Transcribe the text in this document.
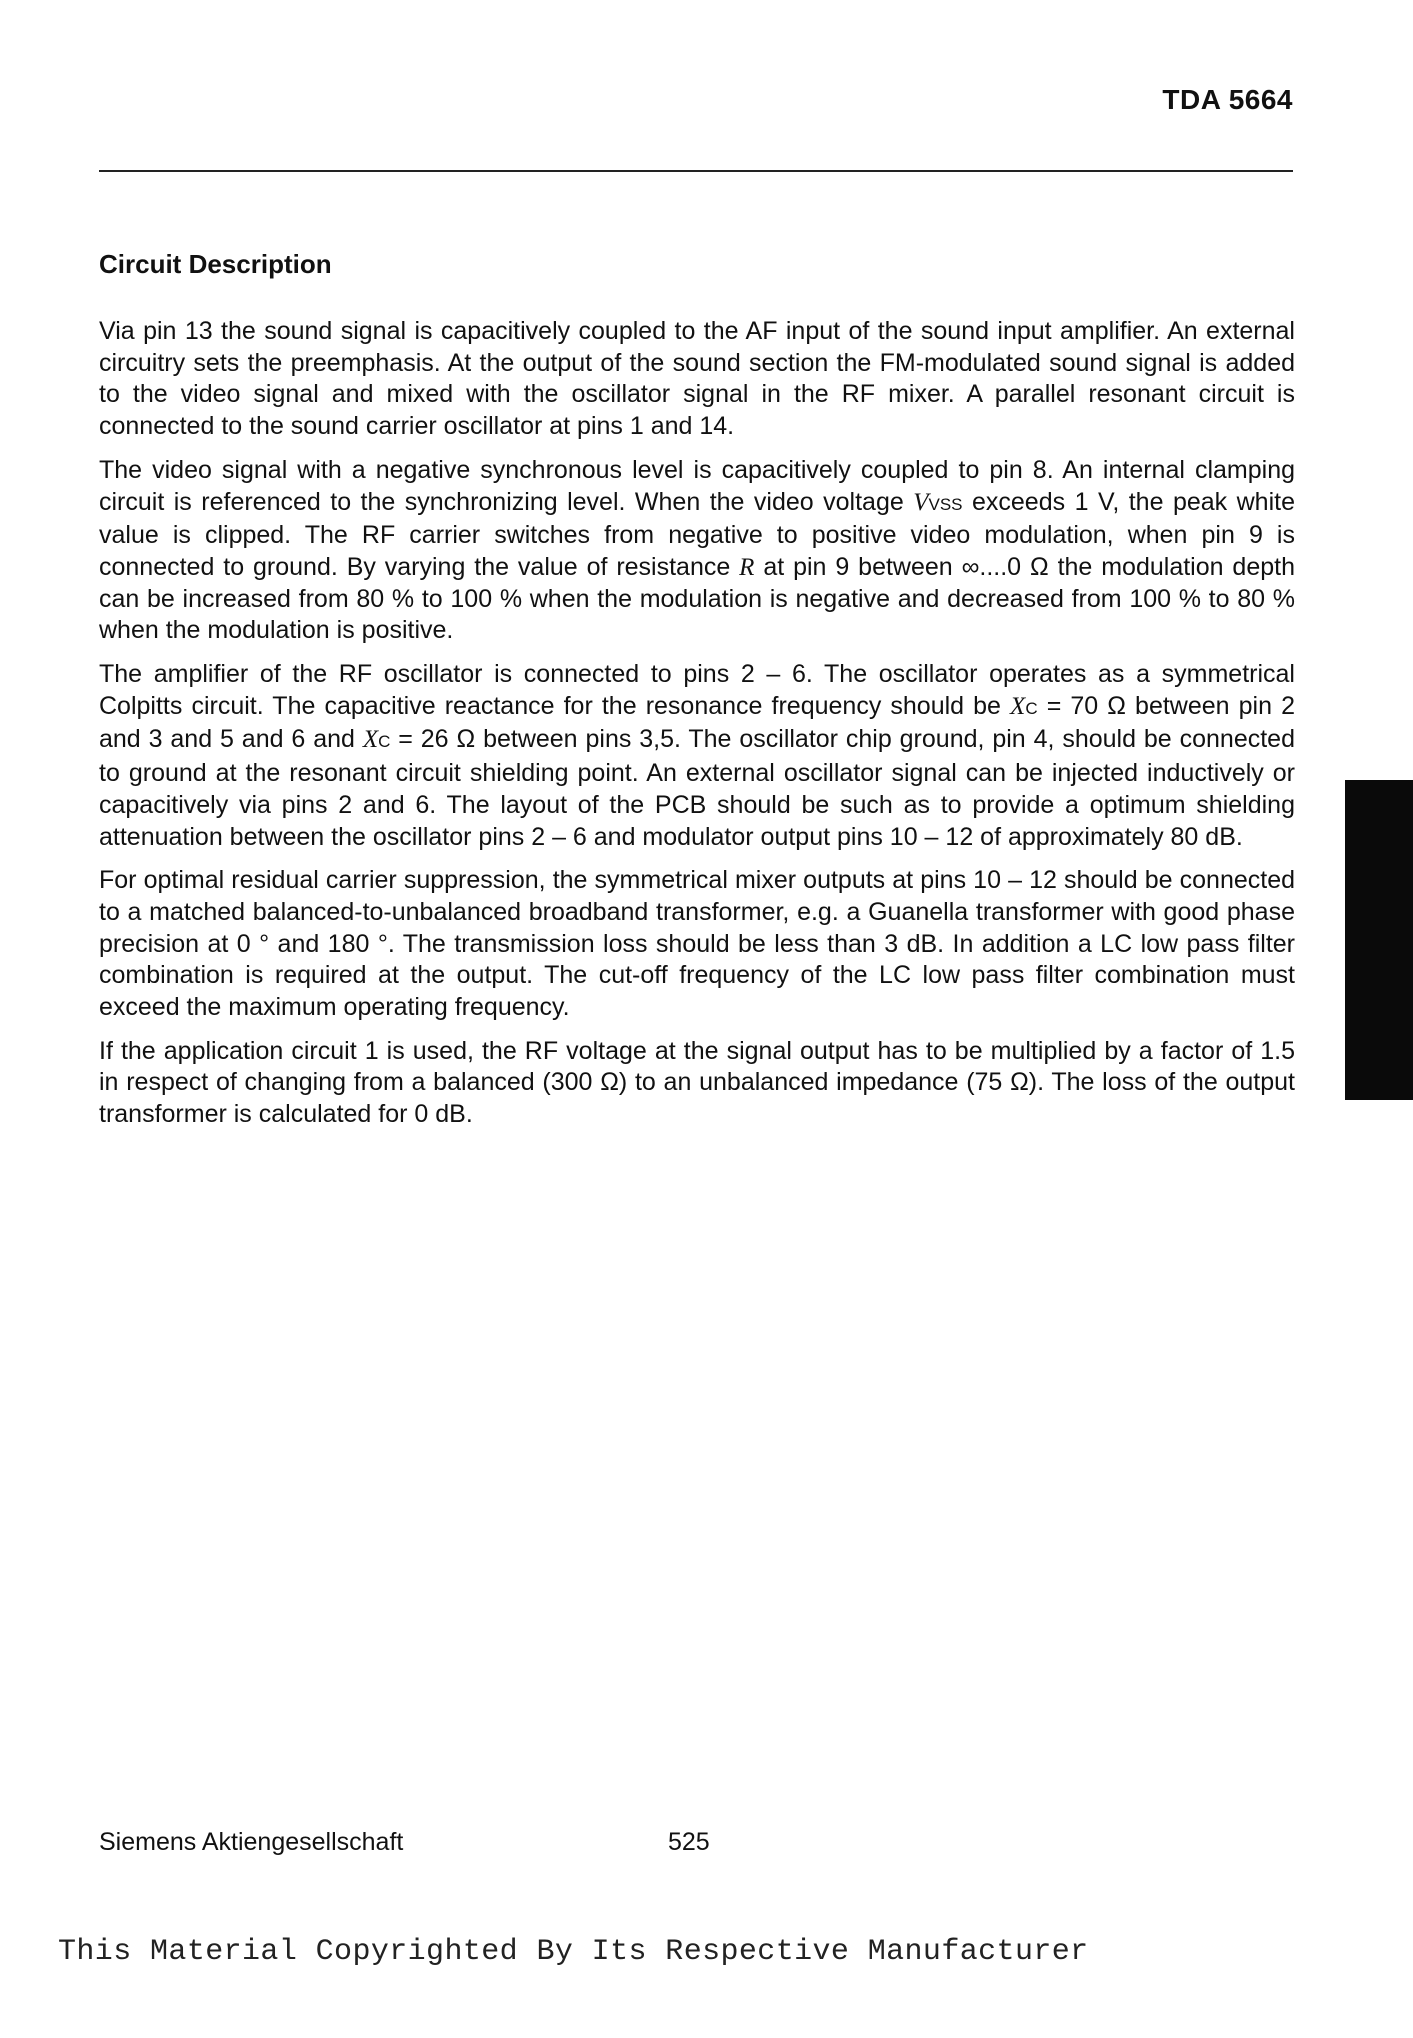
TDA 5664
Circuit Description

Via pin 13 the sound signal is capacitively coupled to the AF input of the sound input amplifier. An external circuitry sets the preemphasis. At the output of the sound section the FM-modulated sound signal is added to the video signal and mixed with the oscillator signal in the RF mixer. A parallel resonant circuit is connected to the sound carrier oscillator at pins 1 and 14.

The video signal with a negative synchronous level is capacitively coupled to pin 8. An internal clamping circuit is referenced to the synchronizing level. When the video voltage VVSS exceeds 1 V, the peak white value is clipped. The RF carrier switches from negative to positive video modulation, when pin 9 is connected to ground. By varying the value of resistance R at pin 9 between ∞....0 Ω the modulation depth can be increased from 80 % to 100 % when the modulation is negative and decreased from 100 % to 80 % when the modulation is positive.

The amplifier of the RF oscillator is connected to pins 2 – 6. The oscillator operates as a symmetrical Colpitts circuit. The capacitive reactance for the resonance frequency should be XC = 70 Ω between pin 2 and 3 and 5 and 6 and XC = 26 Ω between pins 3,5. The oscillator chip ground, pin 4, should be connected to ground at the resonant circuit shielding point. An external oscillator signal can be injected inductively or capacitively via pins 2 and 6. The layout of the PCB should be such as to provide a optimum shielding attenuation between the oscillator pins 2 – 6 and modulator output pins 10 – 12 of approximately 80 dB.

For optimal residual carrier suppression, the symmetrical mixer outputs at pins 10 – 12 should be connected to a matched balanced-to-unbalanced broadband transformer, e.g. a Guanella transformer with good phase precision at 0 ° and 180 °. The transmission loss should be less than 3 dB. In addition a LC low pass filter combination is required at the output. The cut-off frequency of the LC low pass filter combination must exceed the maximum operating frequency.

If the application circuit 1 is used, the RF voltage at the signal output has to be multiplied by a factor of 1.5 in respect of changing from a balanced (300 Ω) to an unbalanced impedance (75 Ω). The loss of the output transformer is calculated for 0 dB.

Siemens Aktiengesellschaft	525
This Material Copyrighted By Its Respective Manufacturer
